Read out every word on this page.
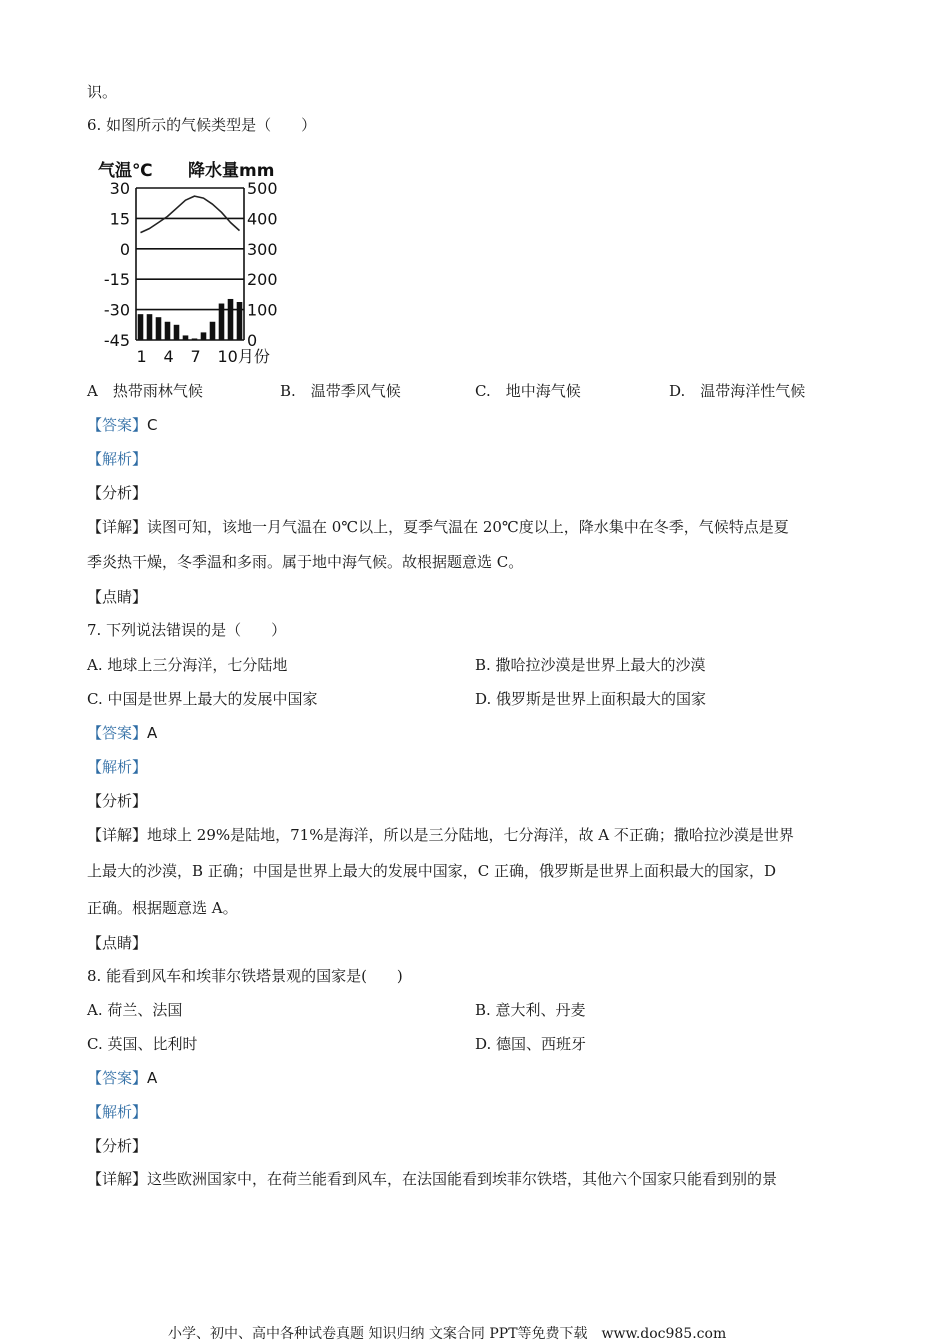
识。
6. 如图所示的气候类型是（　　）
气温℃ 降水量mm
30
15
0
-15
-30
-45
500
400
300
200
100
0
1 4 7 10月份
A　热带雨林气候	B.　温带季风气候	C.　地中海气候	D.　温带海洋性气候
【答案】C
【解析】
【分析】
【详解】读图可知，该地一月气温在 0℃以上，夏季气温在 20℃度以上，降水集中在冬季，气候特点是夏
季炎热干燥，冬季温和多雨。属于地中海气候。故根据题意选 C。
【点睛】
7. 下列说法错误的是（　　）
A. 地球上三分海洋，七分陆地	B. 撒哈拉沙漠是世界上最大的沙漠
C. 中国是世界上最大的发展中国家	D. 俄罗斯是世界上面积最大的国家
【答案】A
【解析】
【分析】
【详解】地球上 29%是陆地，71%是海洋，所以是三分陆地，七分海洋，故 A 不正确；撒哈拉沙漠是世界
上最大的沙漠，B 正确；中国是世界上最大的发展中国家，C 正确，俄罗斯是世界上面积最大的国家，D
正确。根据题意选 A。
【点睛】
8. 能看到风车和埃菲尔铁塔景观的国家是(　　)
A. 荷兰、法国	B. 意大利、丹麦
C. 英国、比利时	D. 德国、西班牙
【答案】A
【解析】
【分析】
【详解】这些欧洲国家中，在荷兰能看到风车，在法国能看到埃菲尔铁塔，其他六个国家只能看到别的景
小学、初中、高中各种试卷真题 知识归纳 文案合同 PPT等免费下载　www.doc985.com
